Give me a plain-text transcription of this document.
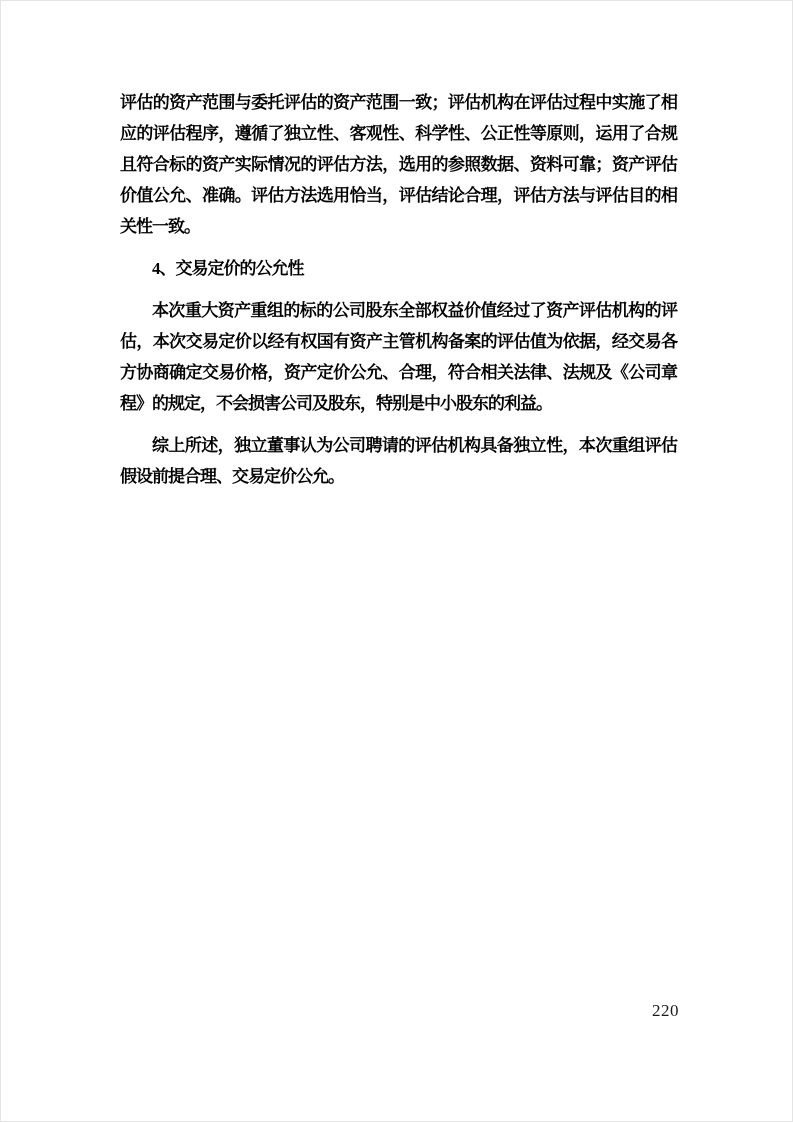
评估的资产范围与委托评估的资产范围一致；评估机构在评估过程中实施了相应的评估程序，遵循了独立性、客观性、科学性、公正性等原则，运用了合规且符合标的资产实际情况的评估方法，选用的参照数据、资料可靠；资产评估价值公允、准确。评估方法选用恰当，评估结论合理，评估方法与评估目的相关性一致。

4、交易定价的公允性

本次重大资产重组的标的公司股东全部权益价值经过了资产评估机构的评估，本次交易定价以经有权国有资产主管机构备案的评估值为依据，经交易各方协商确定交易价格，资产定价公允、合理，符合相关法律、法规及《公司章程》的规定，不会损害公司及股东，特别是中小股东的利益。

综上所述，独立董事认为公司聘请的评估机构具备独立性，本次重组评估假设前提合理、交易定价公允。

220
